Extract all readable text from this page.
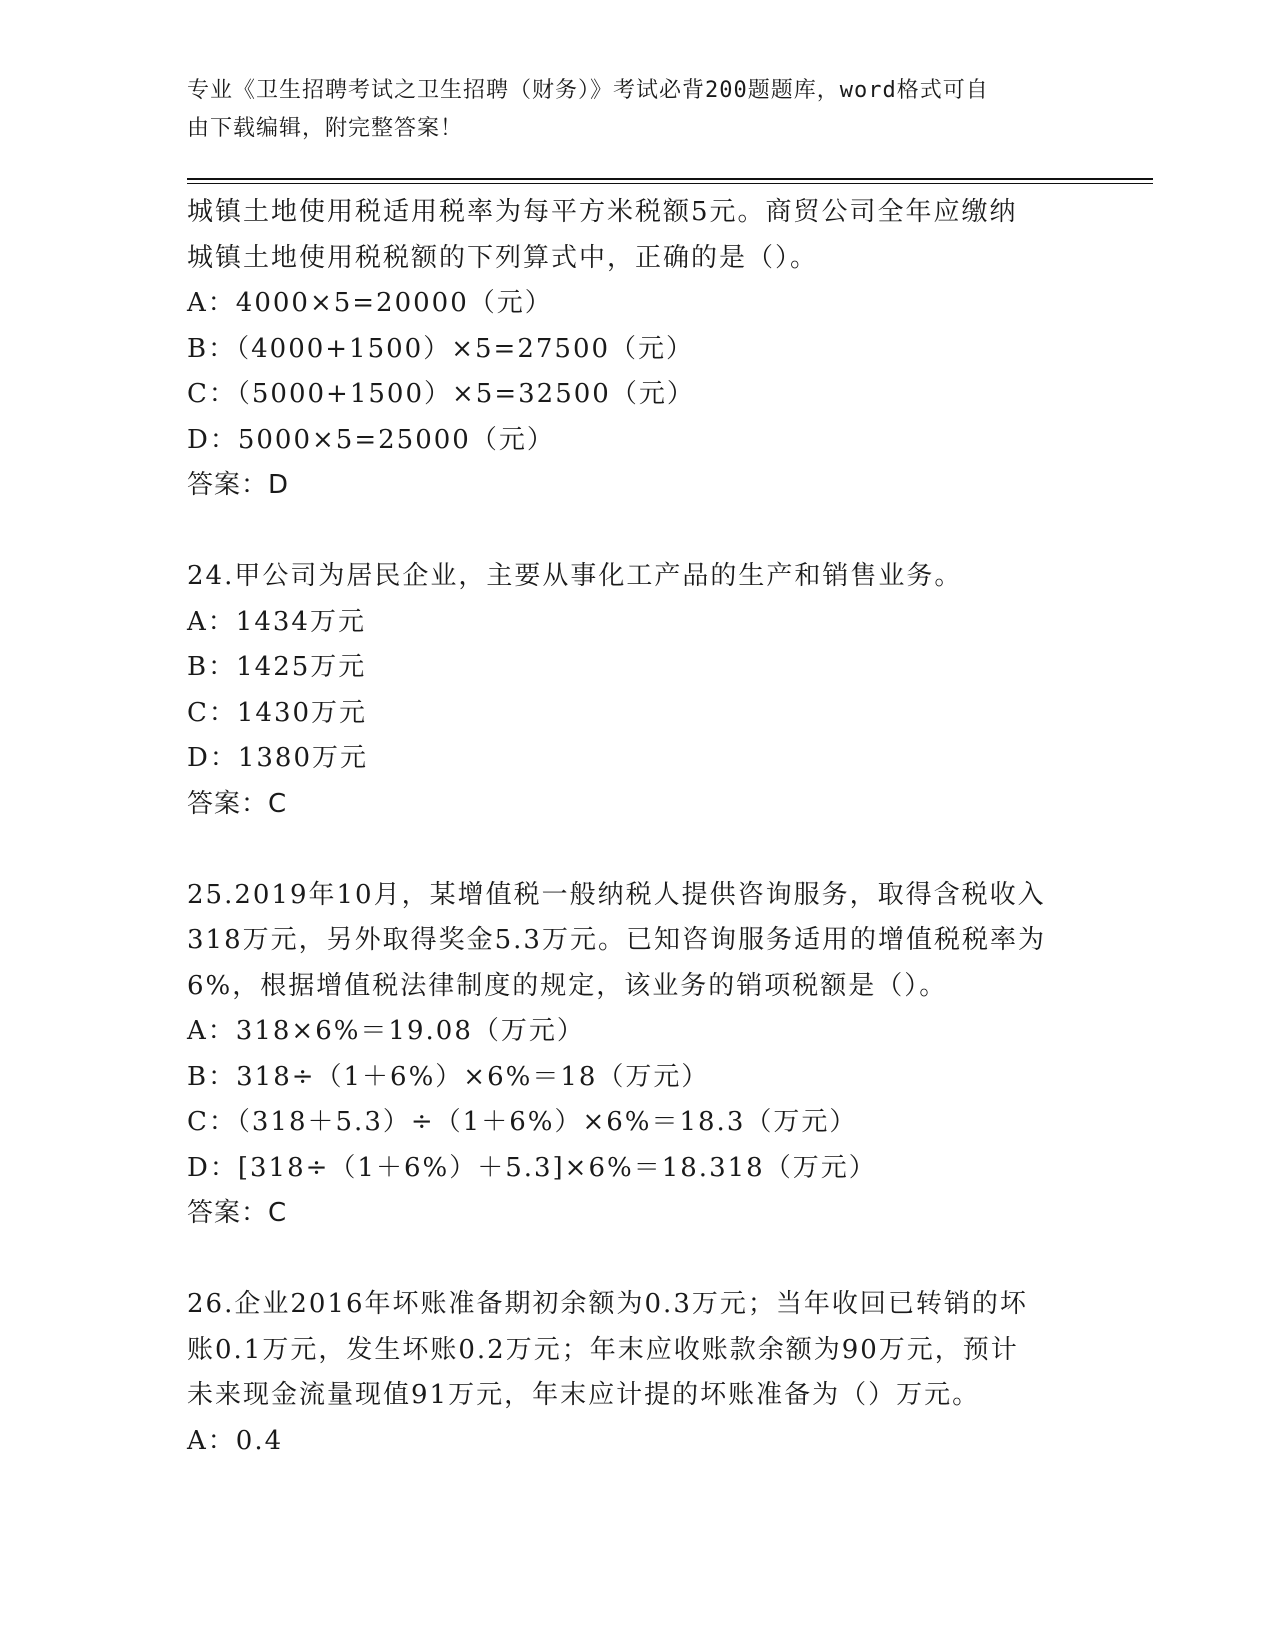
专业《卫生招聘考试之卫生招聘（财务）》考试必背200题题库，word格式可自
由下载编辑，附完整答案！
城镇土地使用税适用税率为每平方米税额5元。商贸公司全年应缴纳
城镇土地使用税税额的下列算式中，正确的是（）。
A：4000×5=20000（元）
B：（4000+1500）×5=27500（元）
C：（5000+1500）×5=32500（元）
D：5000×5=25000（元）
答案：D
24.甲公司为居民企业，主要从事化工产品的生产和销售业务。
A：1434万元
B：1425万元
C：1430万元
D：1380万元
答案：C
25.2019年10月，某增值税一般纳税人提供咨询服务，取得含税收入
318万元，另外取得奖金5.3万元。已知咨询服务适用的增值税税率为
6%，根据增值税法律制度的规定，该业务的销项税额是（）。
A：318×6%＝19.08（万元）
B：318÷（1＋6%）×6%＝18（万元）
C：（318＋5.3）÷（1＋6%）×6%＝18.3（万元）
D：[318÷（1＋6%）＋5.3]×6%＝18.318（万元）
答案：C
26.企业2016年坏账准备期初余额为0.3万元；当年收回已转销的坏
账0.1万元，发生坏账0.2万元；年末应收账款余额为90万元，预计
未来现金流量现值91万元，年末应计提的坏账准备为（）万元。
A：0.4
